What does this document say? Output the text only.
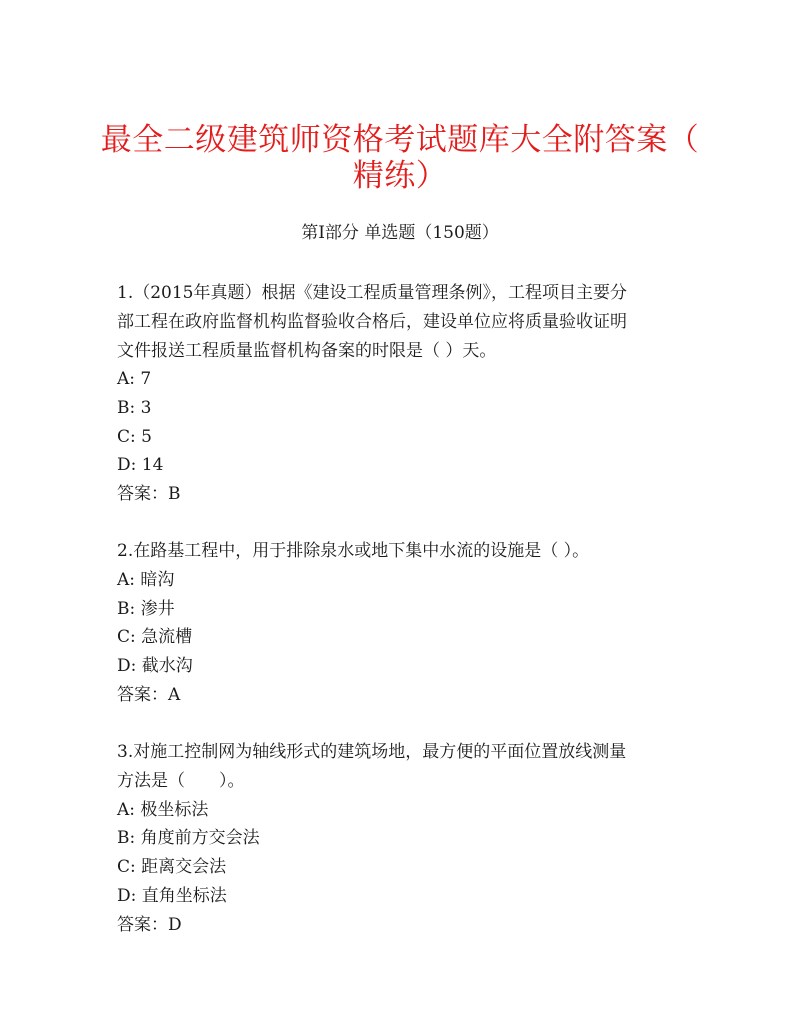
最全二级建筑师资格考试题库大全附答案（
精练）
第Ⅰ部分 单选题（150题）
1.（2015年真题）根据《建设工程质量管理条例》，工程项目主要分
部工程在政府监督机构监督验收合格后，建设单位应将质量验收证明
文件报送工程质量监督机构备案的时限是（ ）天。
A: 7
B: 3
C: 5
D: 14
答案：B
2.在路基工程中，用于排除泉水或地下集中水流的设施是（ ）。
A: 暗沟
B: 渗井
C: 急流槽
D: 截水沟
答案：A
3.对施工控制网为轴线形式的建筑场地，最方便的平面位置放线测量
方法是（　　）。
A: 极坐标法
B: 角度前方交会法
C: 距离交会法
D: 直角坐标法
答案：D
